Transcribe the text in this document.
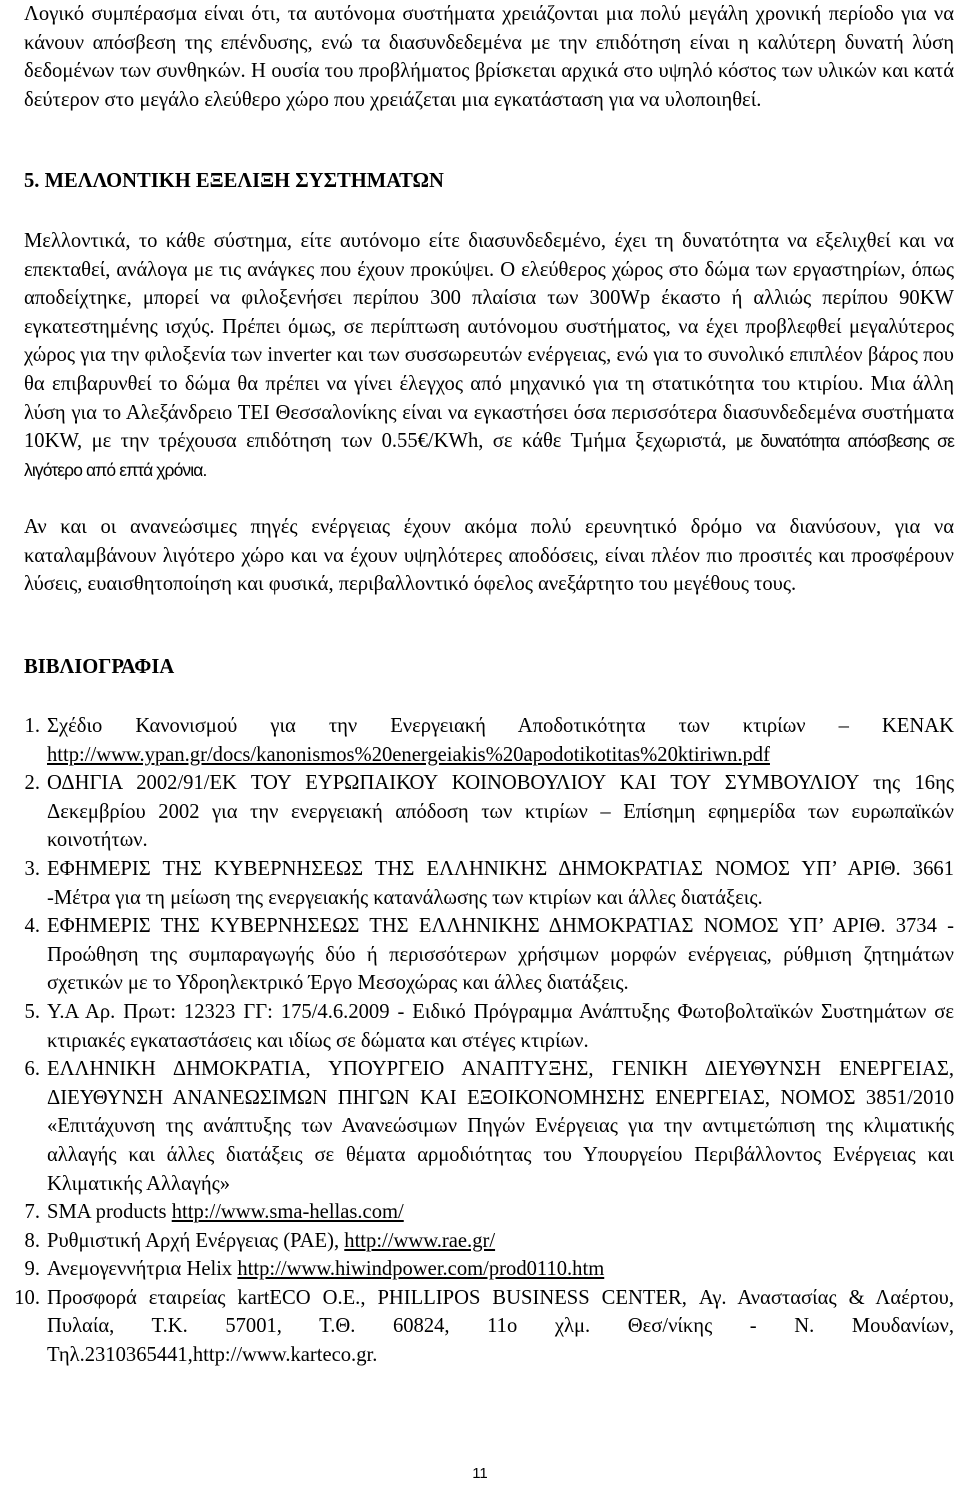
Λογικό συμπέρασμα είναι ότι, τα αυτόνομα συστήματα χρειάζονται μια πολύ μεγάλη χρονική περίοδο για να κάνουν απόσβεση της επένδυσης, ενώ τα διασυνδεδεμένα με την επιδότηση είναι η καλύτερη δυνατή λύση δεδομένων των συνθηκών. Η ουσία του προβλήματος βρίσκεται αρχικά στο υψηλό κόστος των υλικών και κατά δεύτερον στο μεγάλο ελεύθερο χώρο που χρειάζεται μια εγκατάσταση για να υλοποιηθεί.

5. ΜΕΛΛΟΝΤΙΚΗ ΕΞΕΛΙΞΗ ΣΥΣΤΗΜΑΤΩΝ

Μελλοντικά, το κάθε σύστημα, είτε αυτόνομο είτε διασυνδεδεμένο, έχει τη δυνατότητα να εξελιχθεί και να επεκταθεί, ανάλογα με τις ανάγκες που έχουν προκύψει. Ο ελεύθερος χώρος στο δώμα των εργαστηρίων, όπως αποδείχτηκε, μπορεί να φιλοξενήσει περίπου 300 πλαίσια των 300Wp έκαστο ή αλλιώς περίπου 90KW εγκατεστημένης ισχύς. Πρέπει όμως, σε περίπτωση αυτόνομου συστήματος, να έχει προβλεφθεί μεγαλύτερος χώρος για την φιλοξενία των inverter και των συσσωρευτών ενέργειας, ενώ για το συνολικό επιπλέον βάρος που θα επιβαρυνθεί το δώμα θα πρέπει να γίνει έλεγχος από μηχανικό για τη στατικότητα του κτιρίου. Μια άλλη λύση για το Αλεξάνδρειο ΤΕΙ Θεσσαλονίκης είναι να εγκαστήσει όσα περισσότερα διασυνδεδεμένα συστήματα 10KW, με την τρέχουσα επιδότηση των 0.55€/KWh, σε κάθε Τμήμα ξεχωριστά, με δυνατότητα απόσβεσης σε λιγότερο από επτά χρόνια.

Αν και οι ανανεώσιμες πηγές ενέργειας έχουν ακόμα πολύ ερευνητικό δρόμο να διανύσουν, για να καταλαμβάνουν λιγότερο χώρο και να έχουν υψηλότερες αποδόσεις, είναι πλέον πιο προσιτές και προσφέρουν λύσεις, ευαισθητοποίηση και φυσικά, περιβαλλοντικό όφελος ανεξάρτητο του μεγέθους τους.

ΒΙΒΛΙΟΓΡΑΦΙΑ

1. Σχέδιο Κανονισμού για την Ενεργειακή Αποδοτικότητα των κτιρίων – ΚΕΝΑΚ http://www.ypan.gr/docs/kanonismos%20energeiakis%20apodotikotitas%20ktiriwn.pdf
2. ΟΔΗΓΙΑ 2002/91/ΕΚ ΤΟΥ ΕΥΡΩΠΑΙΚΟΥ ΚΟΙΝΟΒΟΥΛΙΟΥ ΚΑΙ ΤΟΥ ΣΥΜΒΟΥΛΙΟΥ της 16ης Δεκεμβρίου 2002 για την ενεργειακή απόδοση των κτιρίων – Επίσημη εφημερίδα των ευρωπαϊκών κοινοτήτων.
3. ΕΦΗΜΕΡΙΣ ΤΗΣ ΚΥΒΕΡΝΗΣΕΩΣ ΤΗΣ ΕΛΛΗΝΙΚΗΣ ΔΗΜΟΚΡΑΤΙΑΣ ΝΟΜΟΣ ΥΠ’ ΑΡΙΘ. 3661 -Μέτρα για τη μείωση της ενεργειακής κατανάλωσης των κτιρίων και άλλες διατάξεις.
4. ΕΦΗΜΕΡΙΣ ΤΗΣ ΚΥΒΕΡΝΗΣΕΩΣ ΤΗΣ ΕΛΛΗΝΙΚΗΣ ΔΗΜΟΚΡΑΤΙΑΣ ΝΟΜΟΣ ΥΠ’ ΑΡΙΘ. 3734 - Προώθηση της συμπαραγωγής δύο ή περισσότερων χρήσιμων μορφών ενέργειας, ρύθμιση ζητημάτων σχετικών με το Υδροηλεκτρικό Έργο Μεσοχώρας και άλλες διατάξεις.
5. Υ.Α Αρ. Πρωτ: 12323 ΓΓ: 175/4.6.2009 - Ειδικό Πρόγραμμα Ανάπτυξης Φωτοβολταϊκών Συστημάτων σε κτιριακές εγκαταστάσεις και ιδίως σε δώματα και στέγες κτιρίων.
6. ΕΛΛΗΝΙΚΗ ΔΗΜΟΚΡΑΤΙΑ, ΥΠΟΥΡΓΕΙΟ ΑΝΑΠΤΥΞΗΣ, ΓΕΝΙΚΗ ΔΙΕΥΘΥΝΣΗ ΕΝΕΡΓΕΙΑΣ, ΔΙΕΥΘΥΝΣΗ ΑΝΑΝΕΩΣΙΜΩΝ ΠΗΓΩΝ ΚΑΙ ΕΞΟΙΚΟΝΟΜΗΣΗΣ ΕΝΕΡΓΕΙΑΣ, ΝΟΜΟΣ 3851/2010 «Επιτάχυνση της ανάπτυξης των Ανανεώσιμων Πηγών Ενέργειας για την αντιμετώπιση της κλιματικής αλλαγής και άλλες διατάξεις σε θέματα αρμοδιότητας του Υπουργείου Περιβάλλοντος Ενέργειας και Κλιματικής Αλλαγής»
7. SMA products http://www.sma-hellas.com/
8. Ρυθμιστική Αρχή Ενέργειας (ΡΑΕ), http://www.rae.gr/
9. Ανεμογεννήτρια Helix http://www.hiwindpower.com/prod0110.htm
10. Προσφορά εταιρείας kartECO O.E., PHILLIPOS BUSINESS CENTER, Αγ. Αναστασίας & Λαέρτου, Πυλαία, Τ.Κ. 57001, Τ.Θ. 60824, 11ο χλμ. Θεσ/νίκης - Ν. Μουδανίων, Τηλ.2310365441,http://www.karteco.gr.
11
